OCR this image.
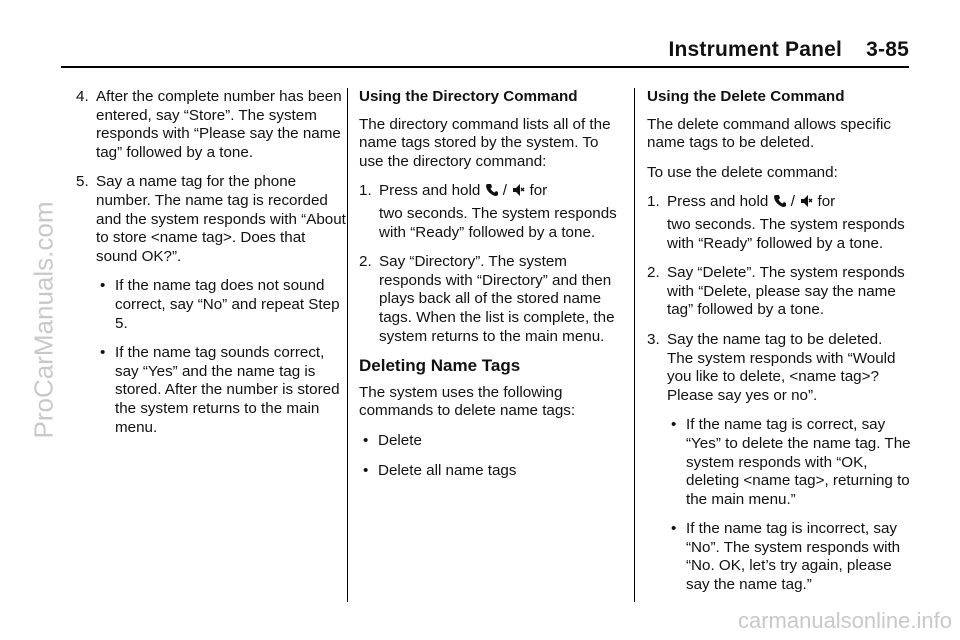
Instrument Panel    3-85
ProCarManuals.com
carmanualsonline.info
4. After the complete number has been entered, say “Store”. The system responds with “Please say the name tag” followed by a tone.
5. Say a name tag for the phone number. The name tag is recorded and the system responds with “About to store <name tag>. Does that sound OK?”.
• If the name tag does not sound correct, say “No” and repeat Step 5.
• If the name tag sounds correct, say “Yes” and the name tag is stored. After the number is stored the system returns to the main menu.
Using the Directory Command
The directory command lists all of the name tags stored by the system. To use the directory command:
1. Press and hold / for
two seconds. The system responds with “Ready” followed by a tone.
2. Say “Directory”. The system responds with “Directory” and then plays back all of the stored name tags. When the list is complete, the system returns to the main menu.
Deleting Name Tags
The system uses the following commands to delete name tags:
• Delete
• Delete all name tags
Using the Delete Command
The delete command allows specific name tags to be deleted.
To use the delete command:
1. Press and hold / for
two seconds. The system responds with “Ready” followed by a tone.
2. Say “Delete”. The system responds with “Delete, please say the name tag” followed by a tone.
3. Say the name tag to be deleted. The system responds with “Would you like to delete, <name tag>? Please say yes or no”.
• If the name tag is correct, say “Yes” to delete the name tag. The system responds with “OK, deleting <name tag>, returning to the main menu.”
• If the name tag is incorrect, say “No”. The system responds with “No. OK, let’s try again, please say the name tag.”
